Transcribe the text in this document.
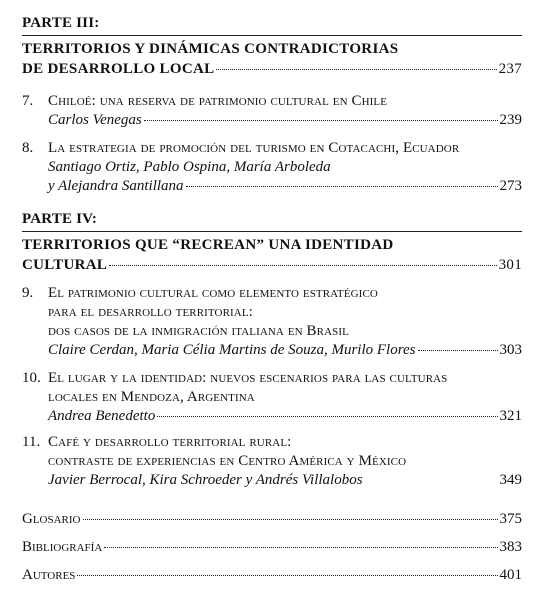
PARTE III:
TERRITORIOS Y DINÁMICAS CONTRADICTORIAS
DE DESARROLLO LOCAL	237
7. Chiloé: una reserva de patrimonio cultural en Chile
Carlos Venegas	239
8. La estrategia de promoción del turismo en Cotacachi, Ecuador
Santiago Ortiz, Pablo Ospina, María Arboleda
y Alejandra Santillana	273
PARTE IV:
TERRITORIOS QUE “RECREAN” UNA IDENTIDAD
CULTURAL	301
9. El patrimonio cultural como elemento estratégico
para el desarrollo territorial:
dos casos de la inmigración italiana en Brasil
Claire Cerdan, Maria Célia Martins de Souza, Murilo Flores	303
10. El lugar y la identidad: nuevos escenarios para las culturas
locales en Mendoza, Argentina
Andrea Benedetto	321
11. Café y desarrollo territorial rural:
contraste de experiencias en Centro América y México
Javier Berrocal, Kira Schroeder y Andrés Villalobos	349
Glosario	375
Bibliografía	383
Autores	401
